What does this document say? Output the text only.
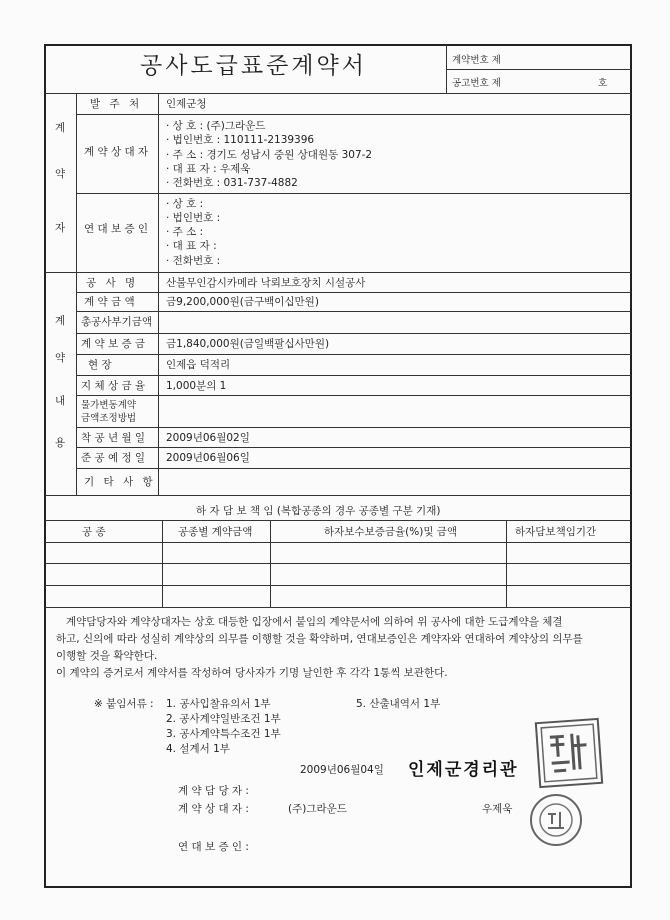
공사도급표준계약서	계약번호 제
공고번호 제	호
계
약
자
발 주 처 인제군청
계 약 상 대 자
· 상 호 : (주)그라운드
· 법인번호 : 110111-2139396
· 주 소 : 경기도 성남시 중원 상대원동 307-2
· 대 표 자 : 우제욱
· 전화번호 : 031-737-4882
연 대 보 증 인
· 상 호 :
· 법인번호 :
· 주 소 :
· 대 표 자 :
· 전화번호 :
계
약
내
용
공 사 명	산불무인감시카메라 낙뢰보호장치 시설공사
계 약 금 액	금9,200,000원(금구백이십만원)
총공사부기금액
계 약 보 증 금 금1,840,000원(금일백팔십사만원)
현 장	인제읍 덕적리
지 체 상 금 율 1,000분의 1
물가변동계약
금액조정방법
착 공 년 월 일 2009년06월02일
준 공 예 정 일 2009년06월06일
기 타 사 항
하 자 담 보 책 임 (복합공종의 경우 공종별 구분 기재)
공 종	공종별 계약금액	하자보수보증금율(%)및 금액	하자담보책임기간
계약담당자와 계약상대자는 상호 대등한 입장에서 붙임의 계약문서에 의하여 위 공사에 대한 도급계약을 체결
하고, 신의에 따라 성실히 계약상의 의무를 이행할 것을 확약하며, 연대보증인은 계약자와 연대하여 계약상의 의무를
이행할 것을 확약한다.
이 계약의 증거로서 계약서를 작성하여 당사자가 기명 날인한 후 각각 1통씩 보관한다.
※ 붙임서류 : 1. 공사입찰유의서 1부
2. 공사계약일반조건 1부
3. 공사계약특수조건 1부
4. 설계서 1부
5. 산출내역서 1부
2009년06월04일
계 약 담 당 자 :
인제군경리관
계 약 상 대 자 :	(주)그라운드	우제욱
연 대 보 증 인 :
